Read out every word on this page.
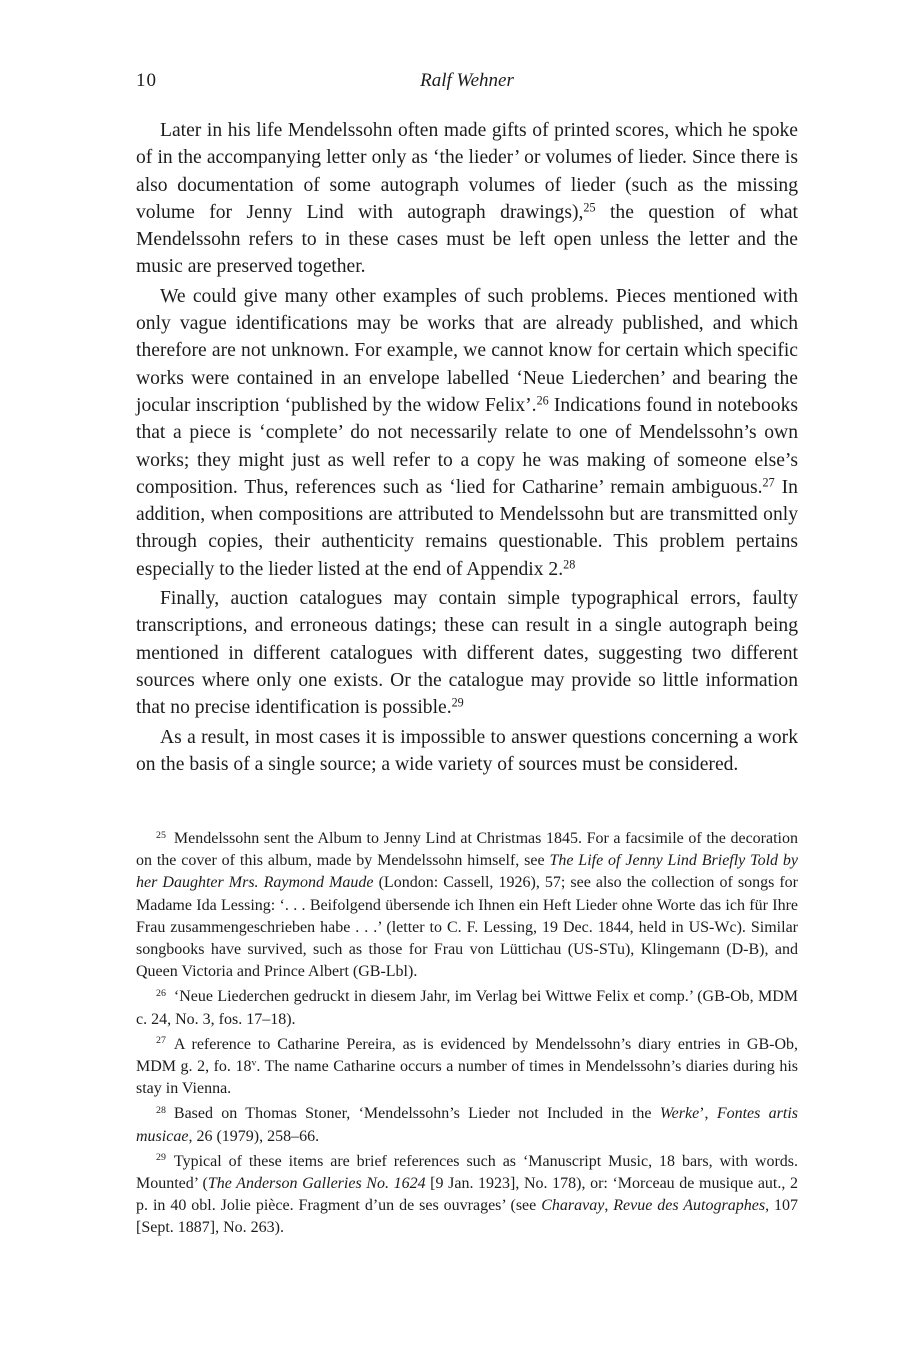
10	Ralf Wehner

Later in his life Mendelssohn often made gifts of printed scores, which he spoke of in the accompanying letter only as ‘the lieder’ or volumes of lieder. Since there is also documentation of some autograph volumes of lieder (such as the missing volume for Jenny Lind with autograph drawings),$^{25}$ the question of what Mendelssohn refers to in these cases must be left open unless the letter and the music are preserved together.

We could give many other examples of such problems. Pieces mentioned with only vague identifications may be works that are already published, and which therefore are not unknown. For example, we cannot know for certain which specific works were contained in an envelope labelled ‘Neue Liederchen’ and bearing the jocular inscription ‘published by the widow Felix’.$^{26}$ Indications found in notebooks that a piece is ‘complete’ do not necessarily relate to one of Mendelssohn’s own works; they might just as well refer to a copy he was making of someone else’s composition. Thus, references such as ‘lied for Catharine’ remain ambiguous.$^{27}$ In addition, when compositions are attributed to Mendelssohn but are transmitted only through copies, their authenticity remains questionable. This problem pertains especially to the lieder listed at the end of Appendix 2.28

Finally, auction catalogues may contain simple typographical errors, faulty transcriptions, and erroneous datings; these can result in a single autograph being mentioned in different catalogues with different dates, suggesting two different sources where only one exists. Or the catalogue may provide so little information that no precise identification is possible.$^{29}$

As a result, in most cases it is impossible to answer questions concerning a work on the basis of a single source; a wide variety of sources must be considered.

$^{25}$ Mendelssohn sent the Album to Jenny Lind at Christmas 1845. For a facsimile of the decoration on the cover of this album, made by Mendelssohn himself, see The Life of Jenny Lind Briefly Told by her Daughter Mrs. Raymond Maude (London: Cassell, 1926), 57; see also the collection of songs for Madame Ida Lessing: ‘. . . Beifolgend übersende ich Ihnen ein Heft Lieder ohne Worte das ich für Ihre Frau zusammengeschrieben habe . . .’ (letter to C. F. Lessing, 19 Dec. 1844, held in US-Wc). Similar songbooks have survived, such as those for Frau von Lüttichau (US-STu), Klingemann (D-B), and Queen Victoria and Prince Albert (GB-Lbl).

$^{26}$ ‘Neue Liederchen gedruckt in diesem Jahr, im Verlag bei Wittwe Felix et comp.’ (GB-Ob, MDM c. 24, No. 3, fos. 17–18).

$^{27}$ A reference to Catharine Pereira, as is evidenced by Mendelssohn’s diary entries in GB-Ob, MDM g. 2, fo. 18$^v$. The name Catharine occurs a number of times in Mendelssohn’s diaries during his stay in Vienna.

$^{28}$ Based on Thomas Stoner, ‘Mendelssohn’s Lieder not Included in the Werke’, Fontes artis musicae, 26 (1979), 258–66.

$^{29}$ Typical of these items are brief references such as ‘Manuscript Music, 18 bars, with words. Mounted’ (The Anderson Galleries No. 1624 [9 Jan. 1923], No. 178), or: ‘Morceau de musique aut., 2 p. in 40 obl. Jolie pièce. Fragment d’un de ses ouvrages’ (see Charavay, Revue des Autographes, 107 [Sept. 1887], No. 263).
